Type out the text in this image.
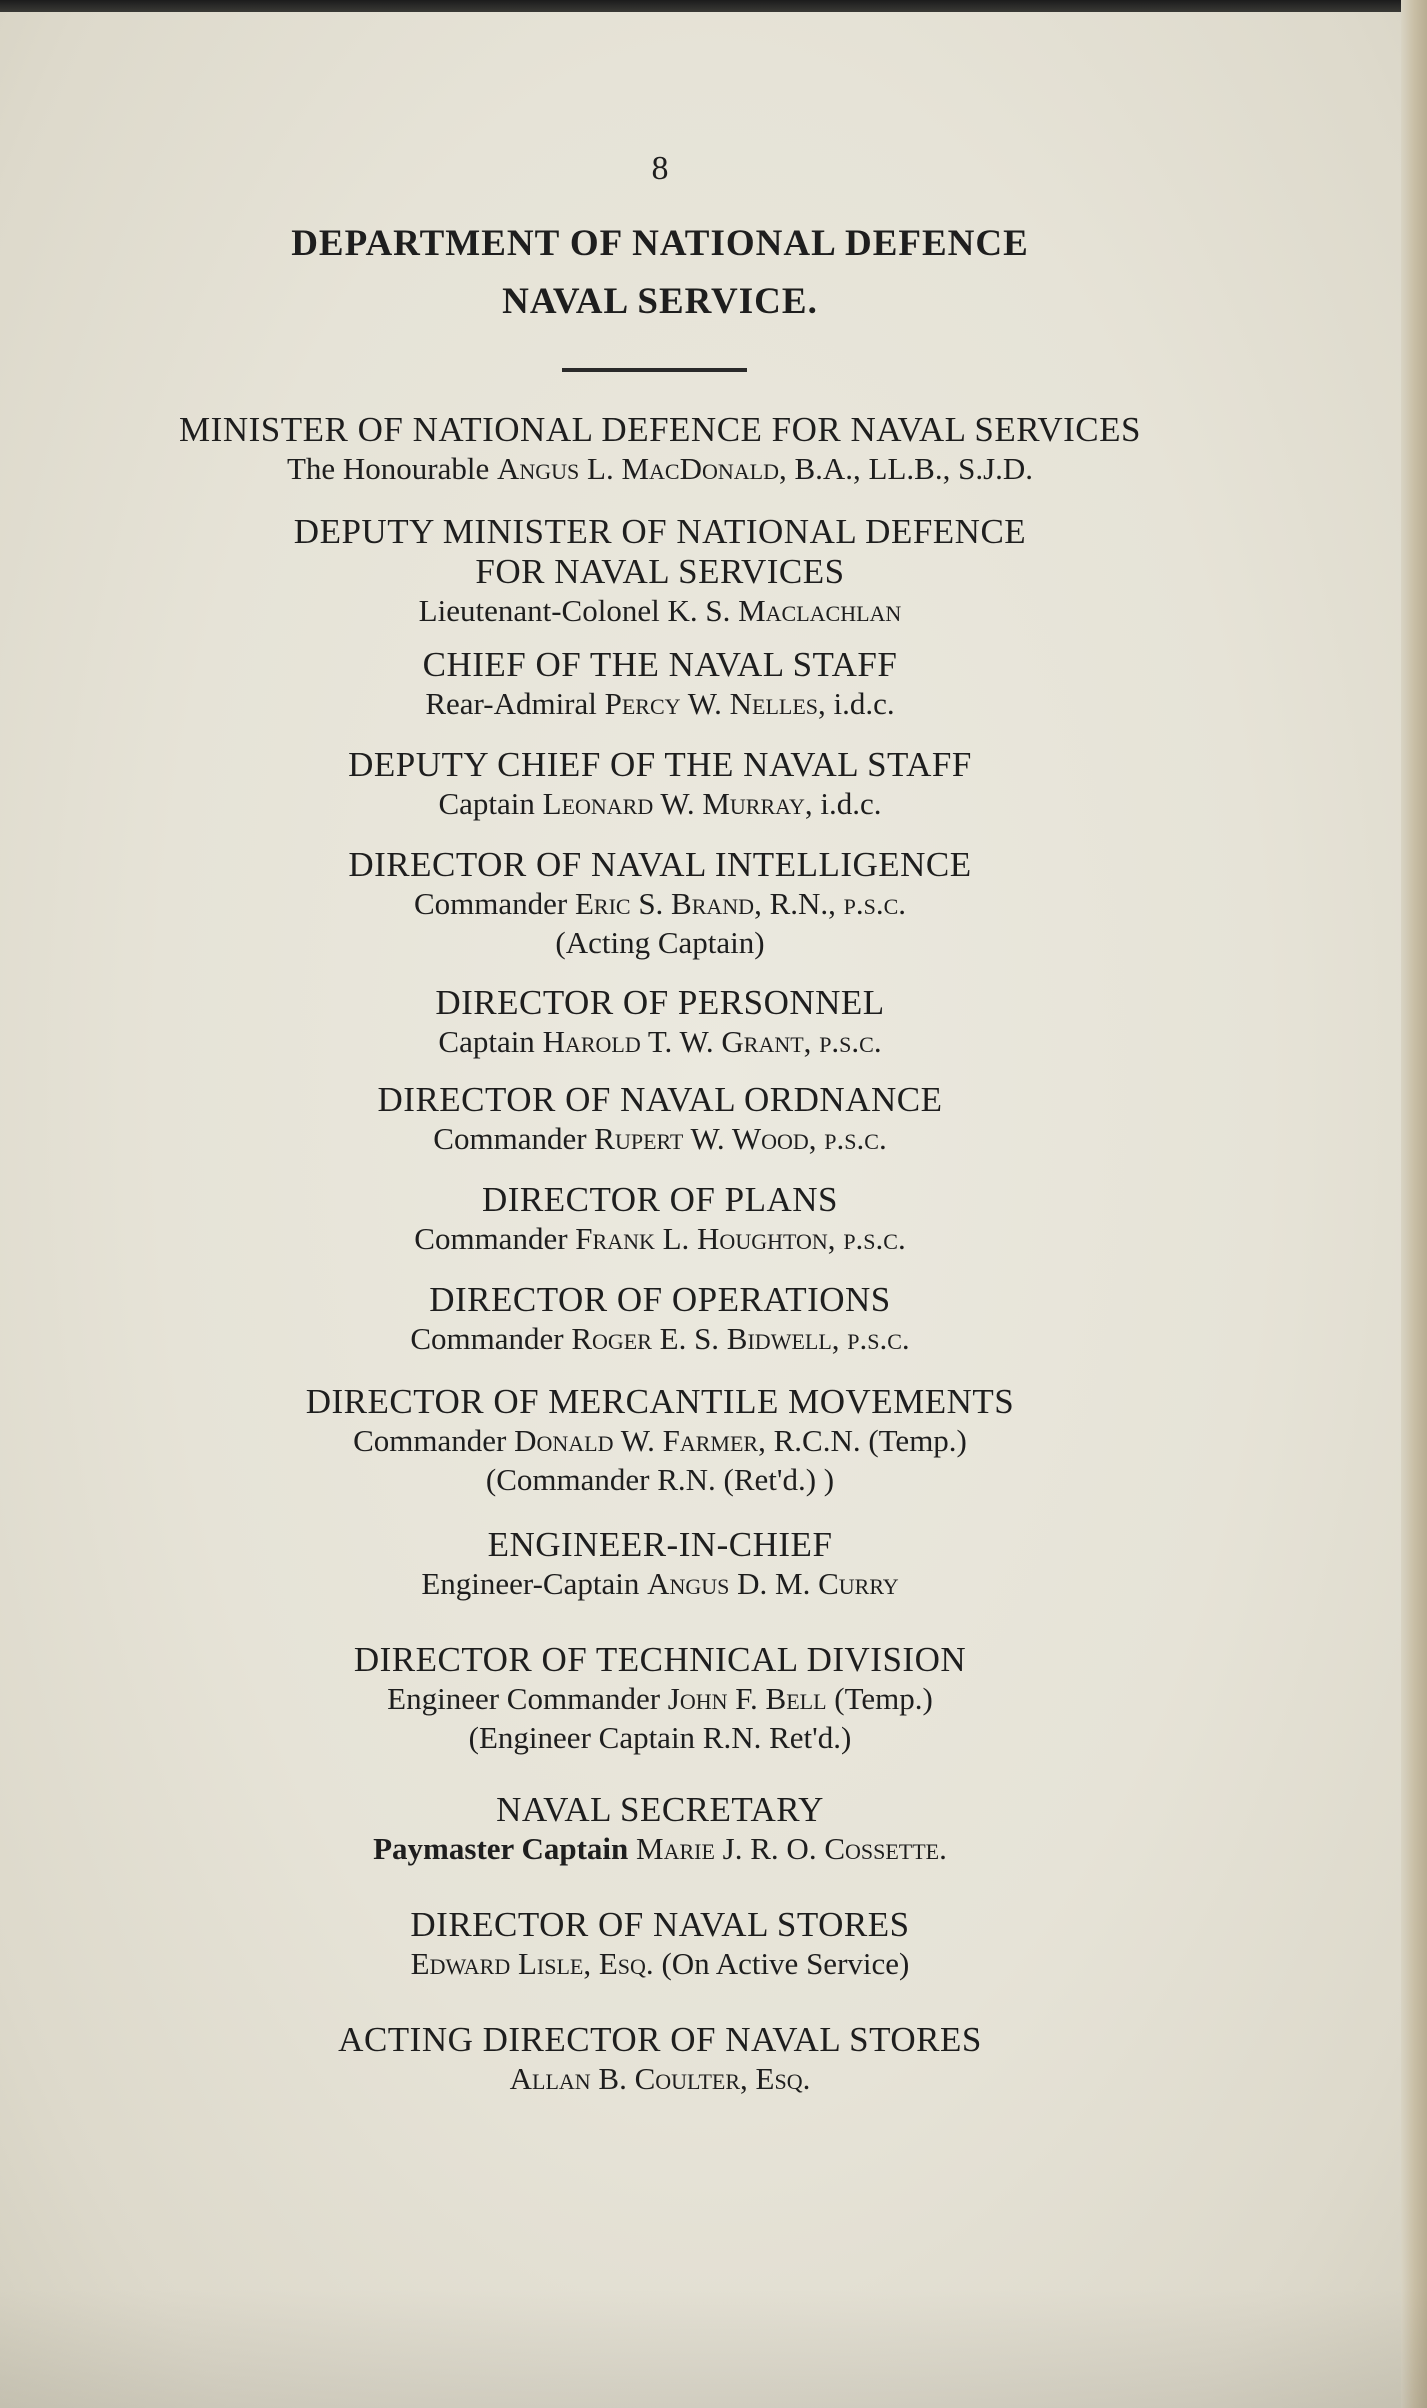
8
DEPARTMENT OF NATIONAL DEFENCE
NAVAL SERVICE.
MINISTER OF NATIONAL DEFENCE FOR NAVAL SERVICES
The Honourable Angus L. MacDonald, B.A., LL.B., S.J.D.
DEPUTY MINISTER OF NATIONAL DEFENCE
FOR NAVAL SERVICES
Lieutenant-Colonel K. S. Maclachlan
CHIEF OF THE NAVAL STAFF
Rear-Admiral Percy W. Nelles, i.d.c.
DEPUTY CHIEF OF THE NAVAL STAFF
Captain Leonard W. Murray, i.d.c.
DIRECTOR OF NAVAL INTELLIGENCE
Commander Eric S. Brand, R.N., p.s.c.
(Acting Captain)
DIRECTOR OF PERSONNEL
Captain Harold T. W. Grant, p.s.c.
DIRECTOR OF NAVAL ORDNANCE
Commander Rupert W. Wood, p.s.c.
DIRECTOR OF PLANS
Commander Frank L. Houghton, p.s.c.
DIRECTOR OF OPERATIONS
Commander Roger E. S. Bidwell, p.s.c.
DIRECTOR OF MERCANTILE MOVEMENTS
Commander Donald W. Farmer, R.C.N. (Temp.)
(Commander R.N. (Ret'd.) )
ENGINEER-IN-CHIEF
Engineer-Captain Angus D. M. Curry
DIRECTOR OF TECHNICAL DIVISION
Engineer Commander John F. Bell (Temp.)
(Engineer Captain R.N. Ret'd.)
NAVAL SECRETARY
Paymaster Captain Marie J. R. O. Cossette.
DIRECTOR OF NAVAL STORES
Edward Lisle, Esq. (On Active Service)
ACTING DIRECTOR OF NAVAL STORES
Allan B. Coulter, Esq.
